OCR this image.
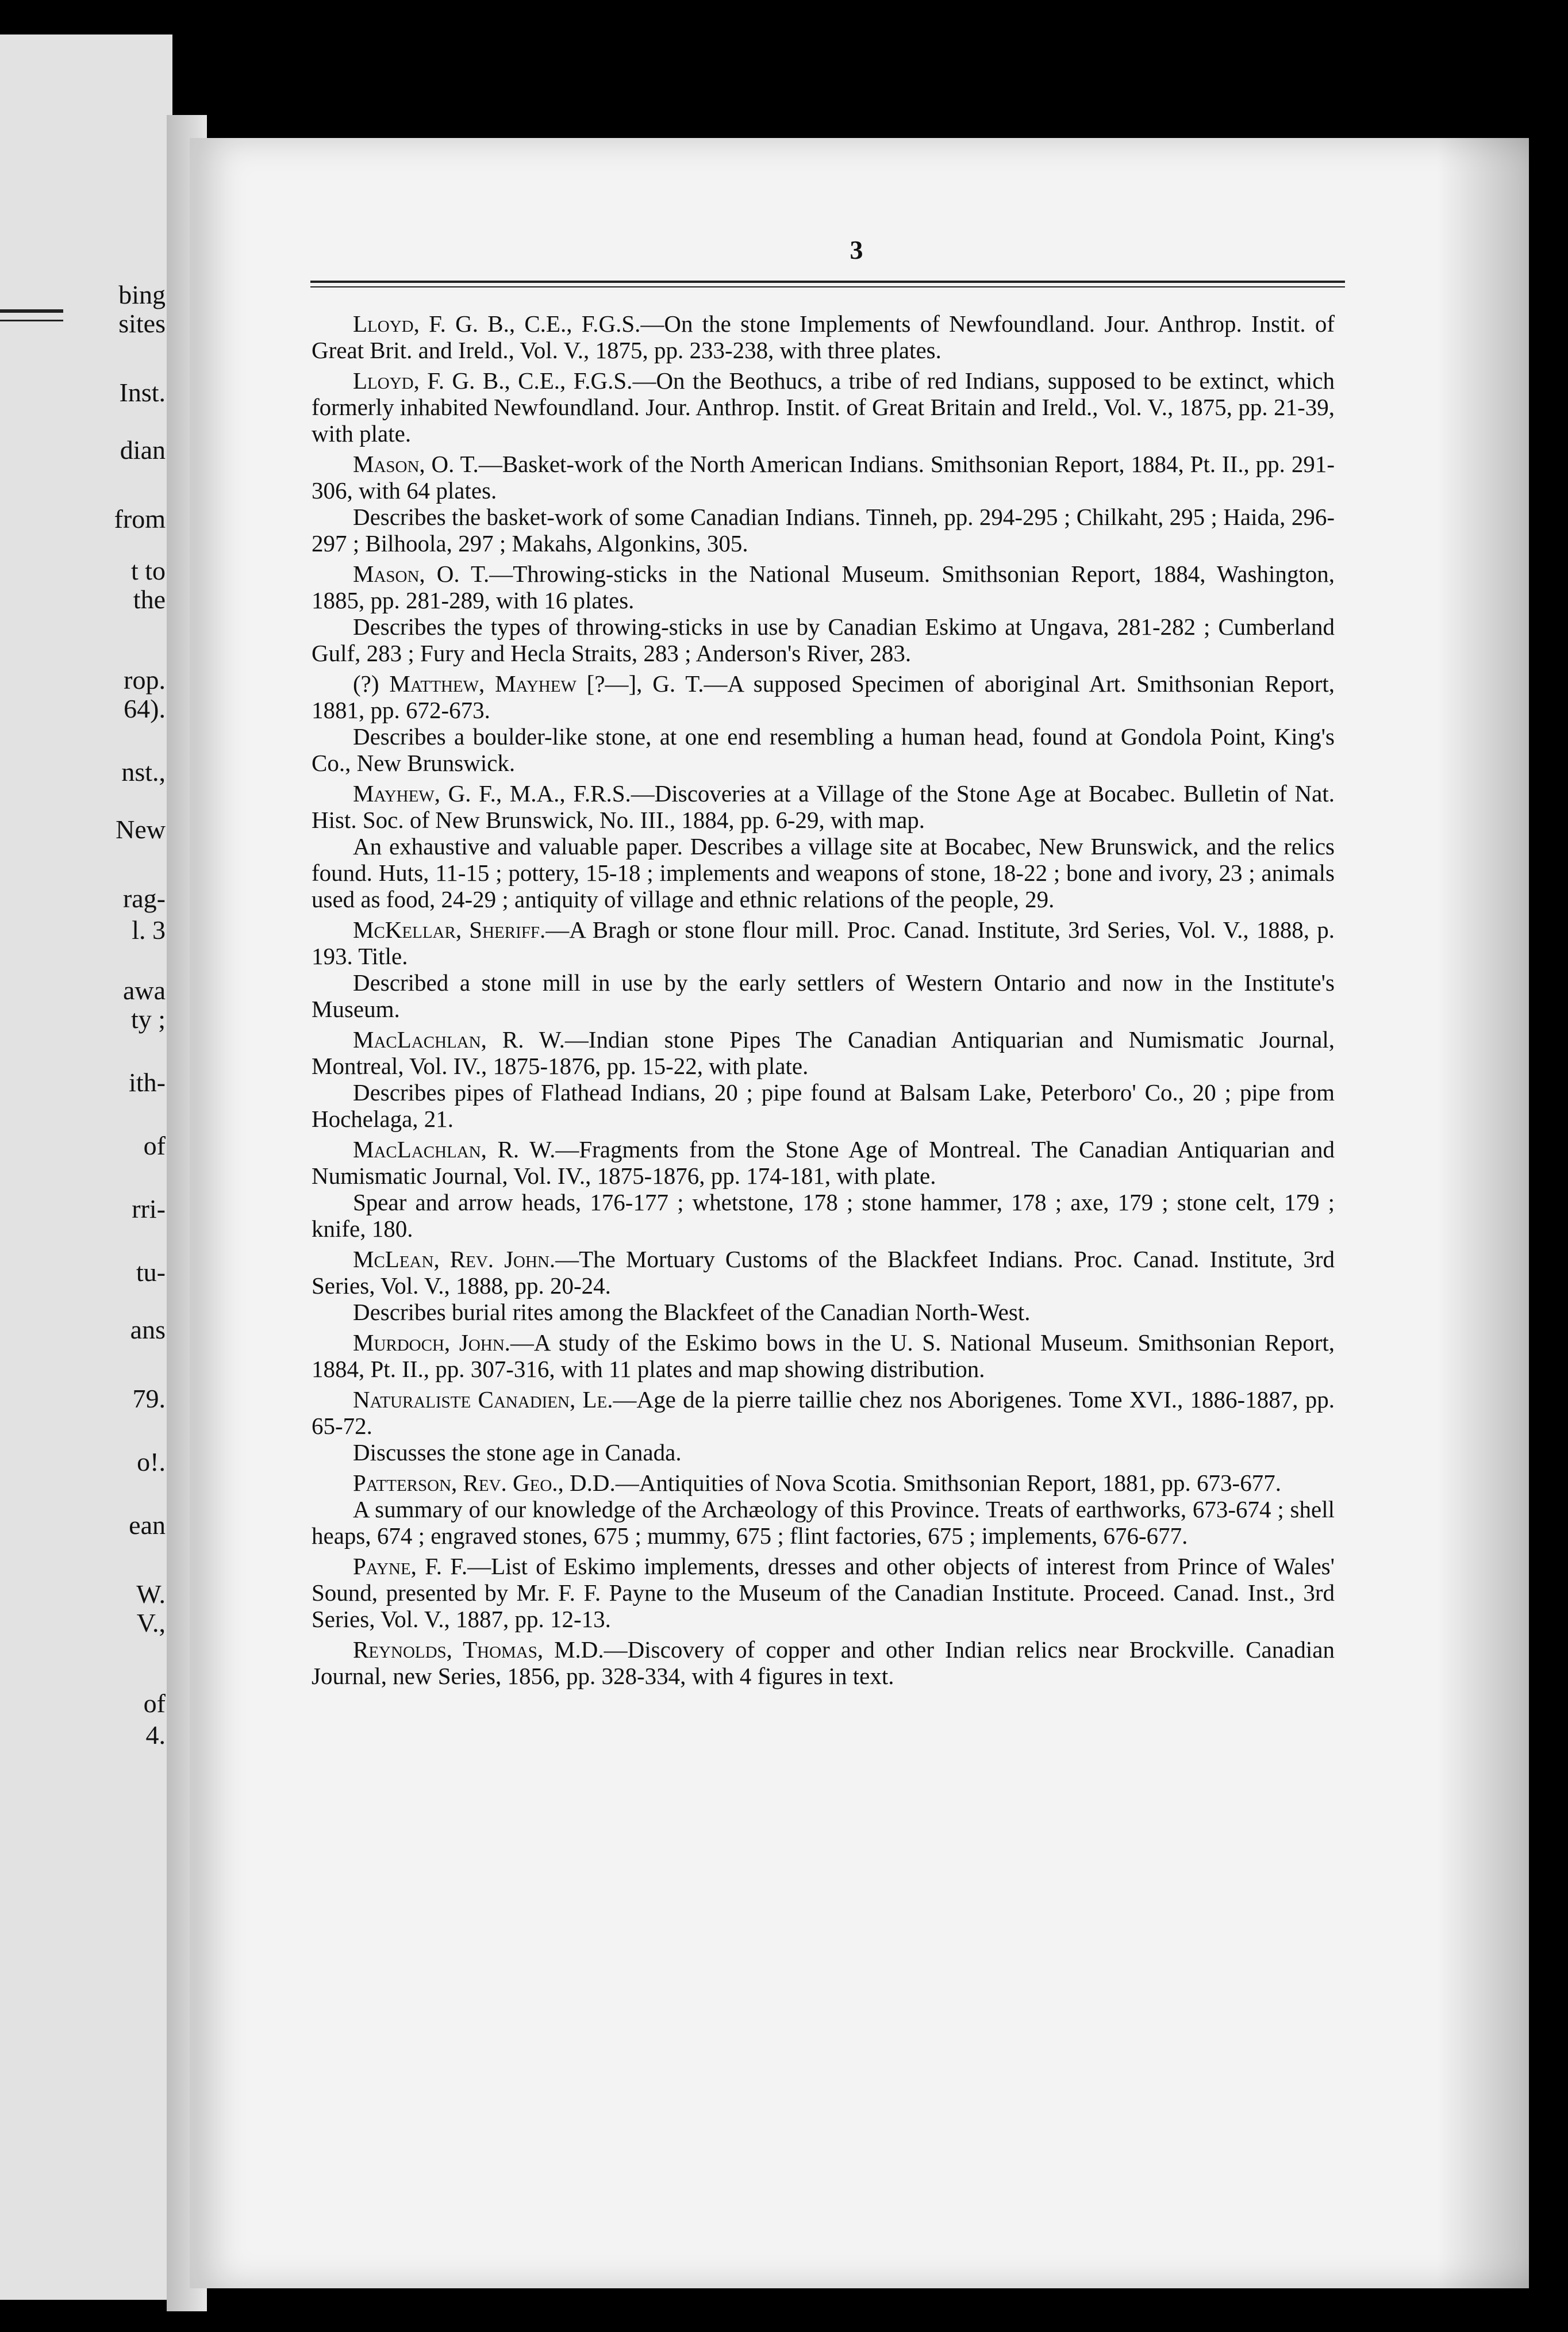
bing
sites
Inst.
dian
from
t to
the
rop.
64).
nst.,
New
rag-
l. 3
awa
ty ;
ith-
of
rri-
tu-
ans
79.
o!.
ean
W.
V.,
of
4.
3

Lloyd, F. G. B., C.E., F.G.S.—On the stone Implements of Newfoundland. Jour. Anthrop. Instit. of Great Brit. and Ireld., Vol. V., 1875, pp. 233-238, with three plates.

Lloyd, F. G. B., C.E., F.G.S.—On the Beothucs, a tribe of red Indians, supposed to be extinct, which formerly inhabited Newfoundland. Jour. Anthrop. Instit. of Great Britain and Ireld., Vol. V., 1875, pp. 21-39, with plate.

Mason, O. T.—Basket-work of the North American Indians. Smithsonian Report, 1884, Pt. II., pp. 291-306, with 64 plates.

Describes the basket-work of some Canadian Indians. Tinneh, pp. 294-295 ; Chilkaht, 295 ; Haida, 296-297 ; Bilhoola, 297 ; Makahs, Algonkins, 305.

Mason, O. T.—Throwing-sticks in the National Museum. Smithsonian Report, 1884, Washington, 1885, pp. 281-289, with 16 plates.

Describes the types of throwing-sticks in use by Canadian Eskimo at Ungava, 281-282 ; Cumberland Gulf, 283 ; Fury and Hecla Straits, 283 ; Anderson's River, 283.

(?) Matthew, Mayhew [?—], G. T.—A supposed Specimen of aboriginal Art. Smithsonian Report, 1881, pp. 672-673.

Describes a boulder-like stone, at one end resembling a human head, found at Gondola Point, King's Co., New Brunswick.

Mayhew, G. F., M.A., F.R.S.—Discoveries at a Village of the Stone Age at Bocabec. Bulletin of Nat. Hist. Soc. of New Brunswick, No. III., 1884, pp. 6-29, with map.

An exhaustive and valuable paper. Describes a village site at Bocabec, New Brunswick, and the relics found. Huts, 11-15 ; pottery, 15-18 ; implements and weapons of stone, 18-22 ; bone and ivory, 23 ; animals used as food, 24-29 ; antiquity of village and ethnic relations of the people, 29.

McKellar, Sheriff.—A Bragh or stone flour mill. Proc. Canad. Institute, 3rd Series, Vol. V., 1888, p. 193. Title.

Described a stone mill in use by the early settlers of Western Ontario and now in the Institute's Museum.

MacLachlan, R. W.—Indian stone Pipes The Canadian Antiquarian and Numismatic Journal, Montreal, Vol. IV., 1875-1876, pp. 15-22, with plate.

Describes pipes of Flathead Indians, 20 ; pipe found at Balsam Lake, Peterboro' Co., 20 ; pipe from Hochelaga, 21.

MacLachlan, R. W.—Fragments from the Stone Age of Montreal. The Canadian Antiquarian and Numismatic Journal, Vol. IV., 1875-1876, pp. 174-181, with plate.

Spear and arrow heads, 176-177 ; whetstone, 178 ; stone hammer, 178 ; axe, 179 ; stone celt, 179 ; knife, 180.

McLean, Rev. John.—The Mortuary Customs of the Blackfeet Indians. Proc. Canad. Institute, 3rd Series, Vol. V., 1888, pp. 20-24.

Describes burial rites among the Blackfeet of the Canadian North-West.

Murdoch, John.—A study of the Eskimo bows in the U. S. National Museum. Smithsonian Report, 1884, Pt. II., pp. 307-316, with 11 plates and map showing distribution.

Naturaliste Canadien, Le.—Age de la pierre taillie chez nos Aborigenes. Tome XVI., 1886-1887, pp. 65-72.

Discusses the stone age in Canada.

Patterson, Rev. Geo., D.D.—Antiquities of Nova Scotia. Smithsonian Report, 1881, pp. 673-677.

A summary of our knowledge of the Archæology of this Province. Treats of earthworks, 673-674 ; shell heaps, 674 ; engraved stones, 675 ; mummy, 675 ; flint factories, 675 ; implements, 676-677.

Payne, F. F.—List of Eskimo implements, dresses and other objects of interest from Prince of Wales' Sound, presented by Mr. F. F. Payne to the Museum of the Canadian Institute. Proceed. Canad. Inst., 3rd Series, Vol. V., 1887, pp. 12-13.

Reynolds, Thomas, M.D.—Discovery of copper and other Indian relics near Brockville. Canadian Journal, new Series, 1856, pp. 328-334, with 4 figures in text.
